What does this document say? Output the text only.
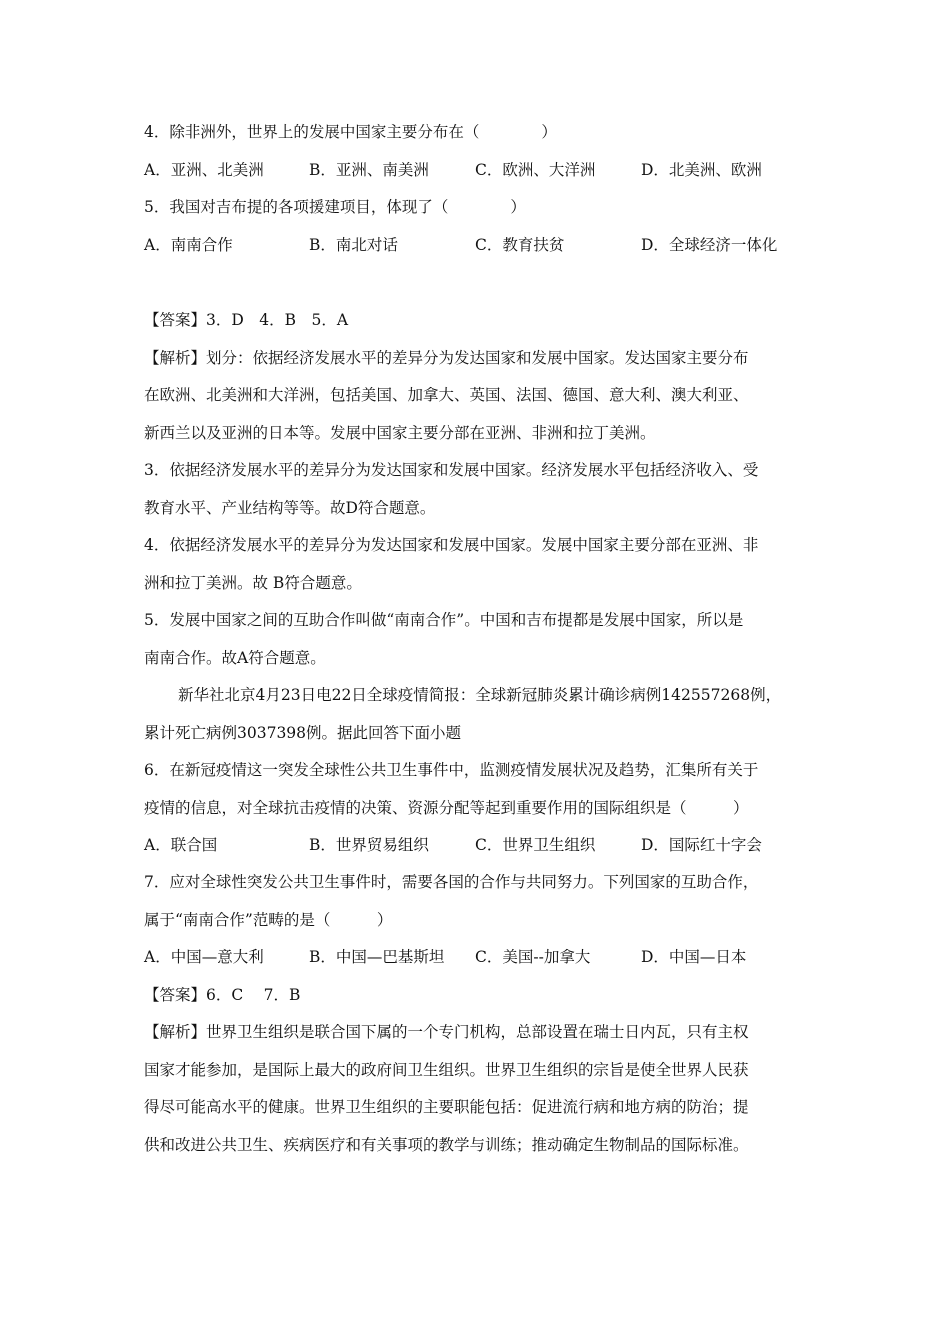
4．除非洲外，世界上的发展中国家主要分布在（　　　　）
A．亚洲、北美洲	B．亚洲、南美洲	C．欧洲、大洋洲	D．北美洲、欧洲
5．我国对吉布提的各项援建项目，体现了（　　　　）
A．南南合作	B．南北对话	C．教育扶贫	D．全球经济一体化
【答案】3．D　4．B　5．A
【解析】划分：依据经济发展水平的差异分为发达国家和发展中国家。发达国家主要分布
在欧洲、北美洲和大洋洲，包括美国、加拿大、英国、法国、德国、意大利、澳大利亚、
新西兰以及亚洲的日本等。发展中国家主要分部在亚洲、非洲和拉丁美洲。
3．依据经济发展水平的差异分为发达国家和发展中国家。经济发展水平包括经济收入、受
教育水平、产业结构等等。故D符合题意。
4．依据经济发展水平的差异分为发达国家和发展中国家。发展中国家主要分部在亚洲、非
洲和拉丁美洲。故 B符合题意。
5．发展中国家之间的互助合作叫做“南南合作”。中国和吉布提都是发展中国家，所以是
南南合作。故A符合题意。
新华社北京4月23日电22日全球疫情简报：全球新冠肺炎累计确诊病例142557268例，
累计死亡病例3037398例。据此回答下面小题
6．在新冠疫情这一突发全球性公共卫生事件中，监测疫情发展状况及趋势，汇集所有关于
疫情的信息，对全球抗击疫情的决策、资源分配等起到重要作用的国际组织是（　　　）
A．联合国	B．世界贸易组织	C．世界卫生组织	D．国际红十字会
7．应对全球性突发公共卫生事件时，需要各国的合作与共同努力。下列国家的互助合作，
属于“南南合作”范畴的是（　　　）
A．中国—意大利	B．中国—巴基斯坦 C．美国--加拿大	D．中国—日本
【答案】6．C　 7．B
【解析】世界卫生组织是联合国下属的一个专门机构，总部设置在瑞士日内瓦，只有主权
国家才能参加，是国际上最大的政府间卫生组织。世界卫生组织的宗旨是使全世界人民获
得尽可能高水平的健康。世界卫生组织的主要职能包括：促进流行病和地方病的防治；提
供和改进公共卫生、疾病医疗和有关事项的教学与训练；推动确定生物制品的国际标准。
